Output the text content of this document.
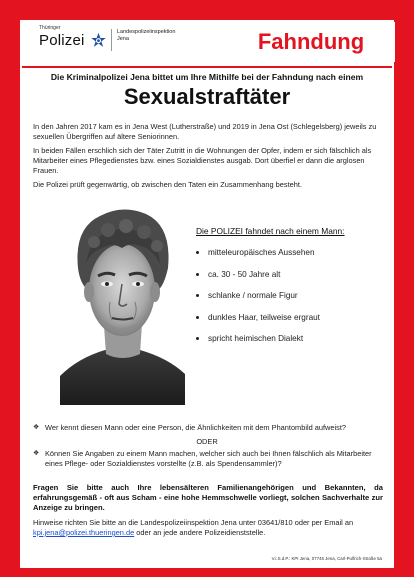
Thüringer
Polizei	Landespolizeiinspektion
Jena	Fahndung
Die Kriminalpolizei Jena bittet um Ihre Mithilfe bei der Fahndung nach einem
Sexualstraftäter
In den Jahren 2017 kam es in Jena West (Lutherstraße) und 2019 in Jena Ost (Schlegelsberg) jeweils zu sexuellen Übergriffen auf ältere Seniorinnen.
In beiden Fällen erschlich sich der Täter Zutritt in die Wohnungen der Opfer, indem er sich fälschlich als Mitarbeiter eines Pflegedienstes bzw. eines Sozialdienstes ausgab. Dort überfiel er dann die arglosen Frauen.
Die Polizei prüft gegenwärtig, ob zwischen den Taten ein Zusammenhang besteht.
Die POLIZEI fahndet nach einem Mann:
mitteleuropäisches Aussehen
ca. 30 - 50 Jahre alt
schlanke / normale Figur
dunkles Haar, teilweise ergraut
spricht heimischen Dialekt
❖ Wer kennt diesen Mann oder eine Person, die Ähnlichkeiten mit dem Phantombild aufweist?
ODER
❖ Können Sie Angaben zu einem Mann machen, welcher sich auch bei Ihnen fälschlich als Mitarbeiter eines Pflege- oder Sozialdienstes vorstellte (z.B. als Spendensammler)?
Fragen Sie bitte auch Ihre lebensälteren Familienangehörigen und Bekannten, da erfahrungsgemäß - oft aus Scham - eine hohe Hemmschwelle vorliegt, solchen Sachverhalte zur Anzeige zu bringen.
Hinweise richten Sie bitte an die Landespolizeiinspektion Jena unter 03641/810 oder per Email an kpi.jena@polizei.thueringen.de oder an jede andere Polizeidienststelle.
V.i.S.d.P.: KPI Jena, 07745 Jena, Carl-Pulfrich-Straße 5a
